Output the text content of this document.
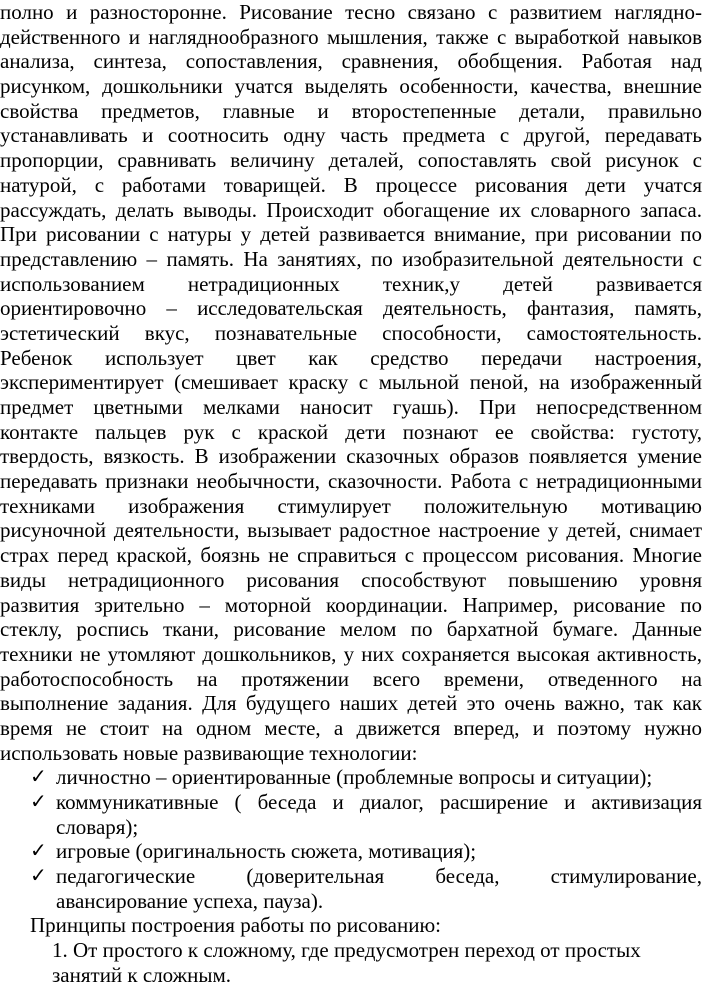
полно и разносторонне. Рисование тесно связано с развитием наглядно-
действенного и нагляднообразного мышления, также с выработкой навыков
анализа, синтеза, сопоставления, сравнения, обобщения. Работая над
рисунком, дошкольники учатся выделять особенности, качества, внешние
свойства предметов, главные и второстепенные детали, правильно
устанавливать и соотносить одну часть предмета с другой, передавать
пропорции, сравнивать величину деталей, сопоставлять свой рисунок с
натурой, с работами товарищей. В процессе рисования дети учатся
рассуждать, делать выводы. Происходит обогащение их словарного запаса.
При рисовании с натуры у детей развивается внимание, при рисовании по
представлению – память. На занятиях, по изобразительной деятельности с
использованием нетрадиционных техник,у детей развивается
ориентировочно – исследовательская деятельность, фантазия, память,
эстетический вкус, познавательные способности, самостоятельность.
Ребенок использует цвет как средство передачи настроения,
экспериментирует (смешивает краску с мыльной пеной, на изображенный
предмет цветными мелками наносит гуашь). При непосредственном
контакте пальцев рук с краской дети познают ее свойства: густоту,
твердость, вязкость. В изображении сказочных образов появляется умение
передавать признаки необычности, сказочности. Работа с нетрадиционными
техниками изображения стимулирует положительную мотивацию
рисуночной деятельности, вызывает радостное настроение у детей, снимает
страх перед краской, боязнь не справиться с процессом рисования. Многие
виды нетрадиционного рисования способствуют повышению уровня
развития зрительно – моторной координации. Например, рисование по
стеклу, роспись ткани, рисование мелом по бархатной бумаге. Данные
техники не утомляют дошкольников, у них сохраняется высокая активность,
работоспособность на протяжении всего времени, отведенного на
выполнение задания. Для будущего наших детей это очень важно, так как
время не стоит на одном месте, а движется вперед, и поэтому нужно
использовать новые развивающие технологии:
✓ личностно – ориентированные (проблемные вопросы и ситуации);
✓ коммуникативные ( беседа и диалог, расширение и активизация
словаря);
✓ игровые (оригинальность сюжета, мотивация);
✓ педагогические (доверительная беседа, стимулирование,
авансирование успеха, пауза).

Принципы построения работы по рисованию:

1. От простого к сложному, где предусмотрен переход от простых
занятий к сложным.
